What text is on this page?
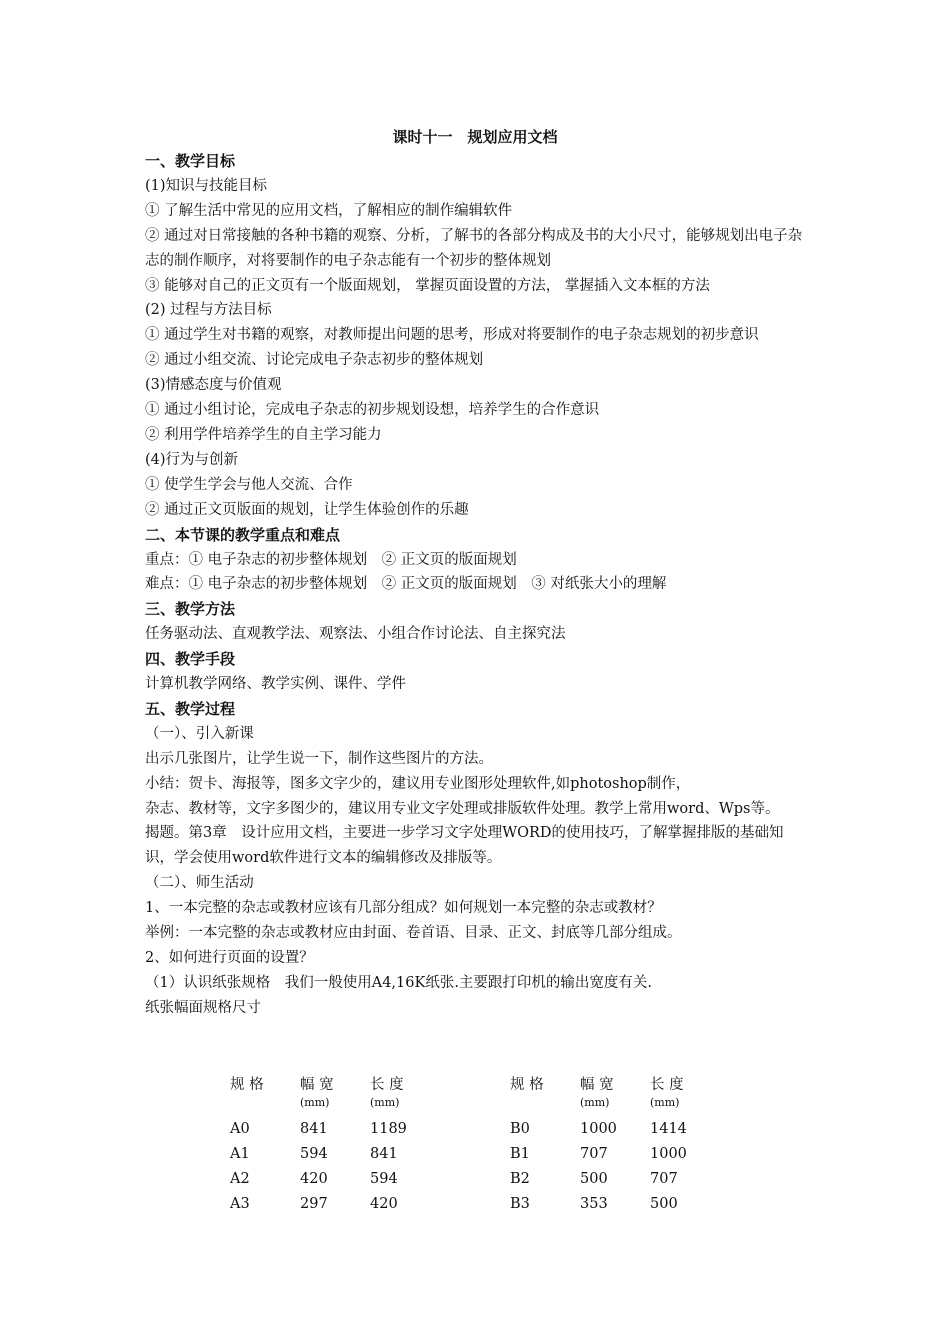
课时十一　规划应用文档
一、教学目标
(1)知识与技能目标
① 了解生活中常见的应用文档，了解相应的制作编辑软件
② 通过对日常接触的各种书籍的观察、分析，了解书的各部分构成及书的大小尺寸，能够规划出电子杂志的制作顺序，对将要制作的电子杂志能有一个初步的整体规划
③ 能够对自己的正文页有一个版面规划， 掌握页面设置的方法， 掌握插入文本框的方法
(2) 过程与方法目标
① 通过学生对书籍的观察，对教师提出问题的思考，形成对将要制作的电子杂志规划的初步意识
② 通过小组交流、讨论完成电子杂志初步的整体规划
(3)情感态度与价值观
① 通过小组讨论，完成电子杂志的初步规划设想，培养学生的合作意识
② 利用学件培养学生的自主学习能力
(4)行为与创新
① 使学生学会与他人交流、合作
② 通过正文页版面的规划，让学生体验创作的乐趣
二、本节课的教学重点和难点
重点：① 电子杂志的初步整体规划　② 正文页的版面规划
难点：① 电子杂志的初步整体规划　② 正文页的版面规划　③ 对纸张大小的理解
三、教学方法
任务驱动法、直观教学法、观察法、小组合作讨论法、自主探究法
四、教学手段
计算机教学网络、教学实例、课件、学件
五、教学过程
（一）、引入新课
出示几张图片，让学生说一下，制作这些图片的方法。
小结：贺卡、海报等，图多文字少的，建议用专业图形处理软件,如photoshop制作，
杂志、教材等，文字多图少的，建议用专业文字处理或排版软件处理。教学上常用word、Wps等。
揭题。第3章　设计应用文档，主要进一步学习文字处理WORD的使用技巧，了解掌握排版的基础知识，学会使用word软件进行文本的编辑修改及排版等。
（二）、师生活动
1、一本完整的杂志或教材应该有几部分组成？如何规划一本完整的杂志或教材？
举例：一本完整的杂志或教材应由封面、卷首语、目录、正文、封底等几部分组成。
2、如何进行页面的设置？
（1）认识纸张规格　我们一般使用A4,16K纸张.主要跟打印机的输出宽度有关.
纸张幅面规格尺寸
规 格	幅 宽	长 度	规 格	幅 宽	长 度
	(mm)	(mm)		(mm)	(mm)
A0	841	1189	B0	1000	1414
A1	594	841	B1	707	1000
A2	420	594	B2	500	707
A3	297	420	B3	353	500
